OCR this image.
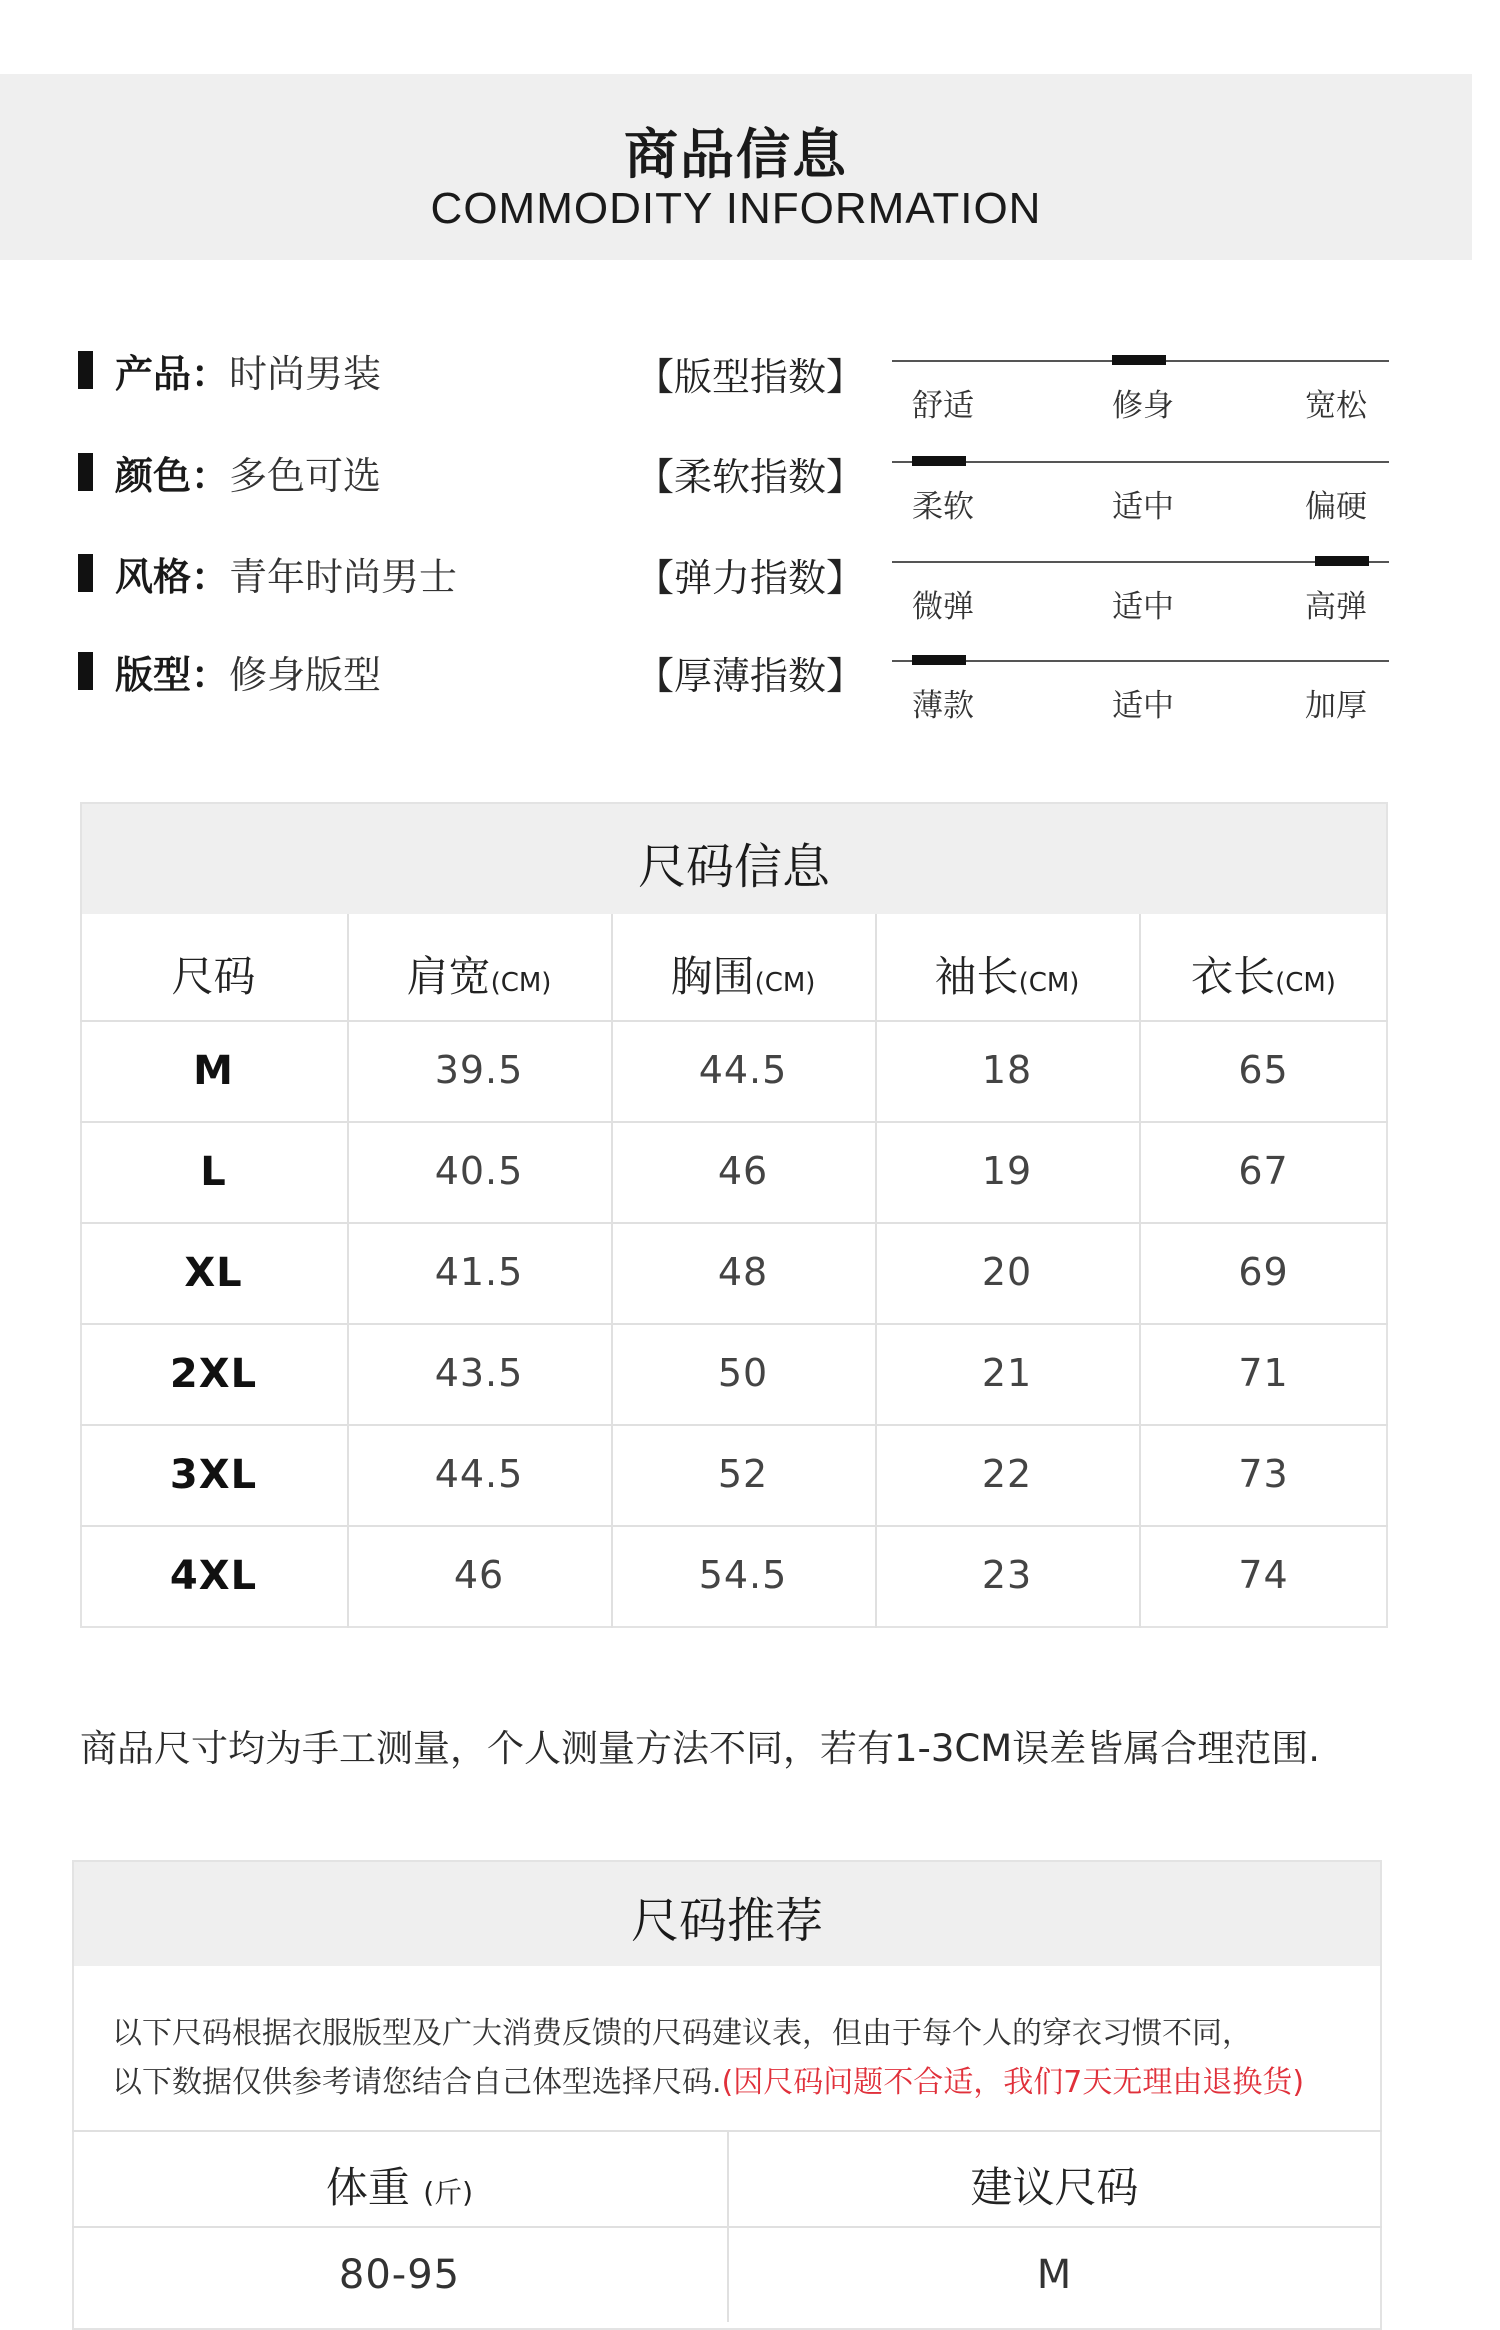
商品信息
COMMODITY INFORMATION
产品： 时尚男装
颜色： 多色可选
风格： 青年时尚男士
版型： 修身版型
【版型指数】
【柔软指数】
【弹力指数】
【厚薄指数】
舒适	修身	宽松
柔软	适中	偏硬
微弹	适中	高弹
薄款	适中	加厚
尺码信息
尺码	肩宽(CM)	胸围(CM)	袖长(CM)	衣长(CM)
M	39.5	44.5	18	65
L	40.5	46	19	67
XL	41.5	48	20	69
2XL	43.5	50	21	71
3XL	44.5	52	22	73
4XL	46	54.5	23	74
商品尺寸均为手工测量，个人测量方法不同，若有1-3CM误差皆属合理范围.
尺码推荐
以下尺码根据衣服版型及广大消费反馈的尺码建议表，但由于每个人的穿衣习惯不同，
以下数据仅供参考请您结合自己体型选择尺码.(因尺码问题不合适，我们7天无理由退换货)
体重 (斤)	建议尺码
80-95	M
